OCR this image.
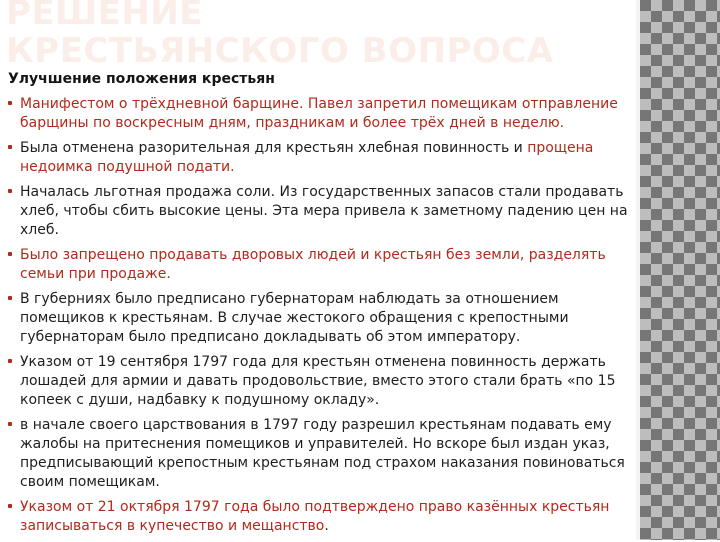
РЕШЕНИЕ
КРЕСТЬЯНСКОГО ВОПРОСА

Улучшение положения крестьян

Манифестом о трёхдневной барщине. Павел запретил помещикам отправление барщины по воскресным дням, праздникам и более трёх дней в неделю.
Была отменена разорительная для крестьян хлебная повинность и прощена недоимка подушной подати.
Началась льготная продажа соли. Из государственных запасов стали продавать хлеб, чтобы сбить высокие цены. Эта мера привела к заметному падению цен на хлеб.
Было запрещено продавать дворовых людей и крестьян без земли, разделять семьи при продаже.
В губерниях было предписано губернаторам наблюдать за отношением помещиков к крестьянам. В случае жестокого обращения с крепостными губернаторам было предписано докладывать об этом императору.
Указом от 19 сентября 1797 года для крестьян отменена повинность держать лошадей для армии и давать продовольствие, вместо этого стали брать «по 15 копеек с души, надбавку к подушному окладу».
в начале своего царствования в 1797 году разрешил крестьянам подавать ему жалобы на притеснения помещиков и управителей. Но вскоре был издан указ, предписывающий крепостным крестьянам под страхом наказания повиноваться своим помещикам.
Указом от 21 октября 1797 года было подтверждено право казённых крестьян записываться в купечество и мещанство.
